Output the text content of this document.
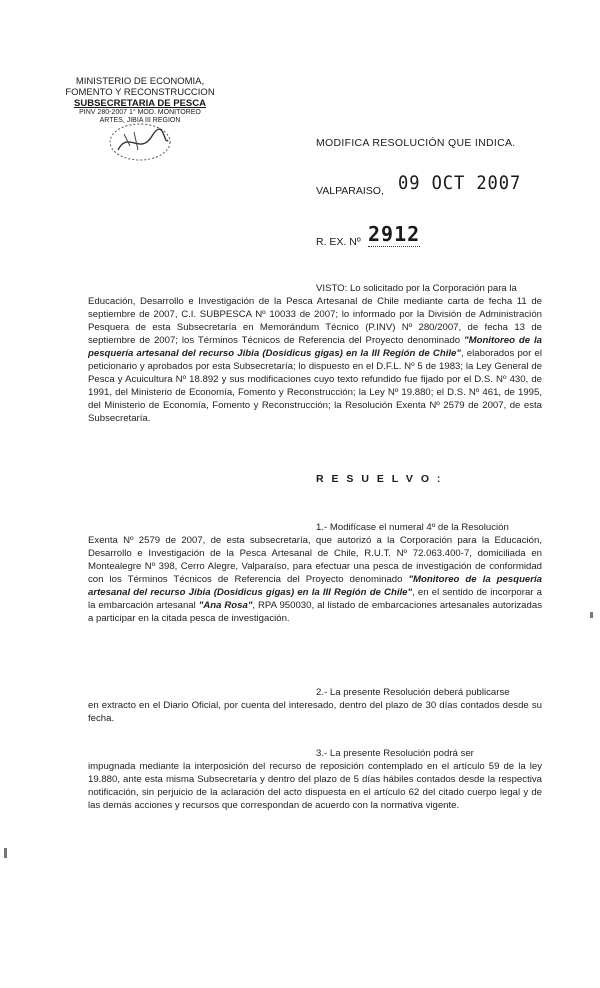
MINISTERIO DE ECONOMIA,
FOMENTO Y RECONSTRUCCION
SUBSECRETARIA DE PESCA
PINV 280-2007 1° MOD. MONITOREO
ARTES, JIBIA III REGION
MODIFICA RESOLUCIÓN QUE INDICA.
VALPARAISO, 09 OCT 2007
R. EX. Nº 2912
VISTO: Lo solicitado por la Corporación para la
Educación, Desarrollo e Investigación de la Pesca Artesanal de Chile mediante carta de fecha 11 de septiembre de 2007, C.I. SUBPESCA Nº 10033 de 2007; lo informado por la División de Administración Pesquera de esta Subsecretaría en Memorándum Técnico (P.INV) Nº 280/2007, de fecha 13 de septiembre de 2007; los Términos Técnicos de Referencia del Proyecto denominado "Monitoreo de la pesquería artesanal del recurso Jibia (Dosidicus gigas) en la III Región de Chile", elaborados por el peticionario y aprobados por esta Subsecretaría; lo dispuesto en el D.F.L. Nº 5 de 1983; la Ley General de Pesca y Acuicultura Nº 18.892 y sus modificaciones cuyo texto refundido fue fijado por el D.S. Nº 430, de 1991, del Ministerio de Economía, Fomento y Reconstrucción; la Ley Nº 19.880; el D.S. Nº 461, de 1995, del Ministerio de Economía, Fomento y Reconstrucción; la Resolución Exenta Nº 2579 de 2007, de esta Subsecretaría.
R E S U E L V O :
1.- Modifícase el numeral 4º de la Resolución
Exenta Nº 2579 de 2007, de esta subsecretaría, que autorizó a la Corporación para la Educación, Desarrollo e Investigación de la Pesca Artesanal de Chile, R.U.T. Nº 72.063.400-7, domiciliada en Montealegre Nº 398, Cerro Alegre, Valparaíso, para efectuar una pesca de investigación de conformidad con los Términos Técnicos de Referencia del Proyecto denominado "Monitoreo de la pesquería artesanal del recurso Jibia (Dosidicus gigas) en la III Región de Chile", en el sentido de incorporar a la embarcación artesanal "Ana Rosa", RPA 950030, al listado de embarcaciones artesanales autorizadas a participar en la citada pesca de investigación.
2.- La presente Resolución deberá publicarse
en extracto en el Diario Oficial, por cuenta del interesado, dentro del plazo de 30 días contados desde su fecha.
3.- La presente Resolución podrá ser
impugnada mediante la interposición del recurso de reposición contemplado en el artículo 59 de la ley 19.880, ante esta misma Subsecretaría y dentro del plazo de 5 días hábiles contados desde la respectiva notificación, sin perjuicio de la aclaración del acto dispuesta en el artículo 62 del citado cuerpo legal y de las demás acciones y recursos que correspondan de acuerdo con la normativa vigente.
